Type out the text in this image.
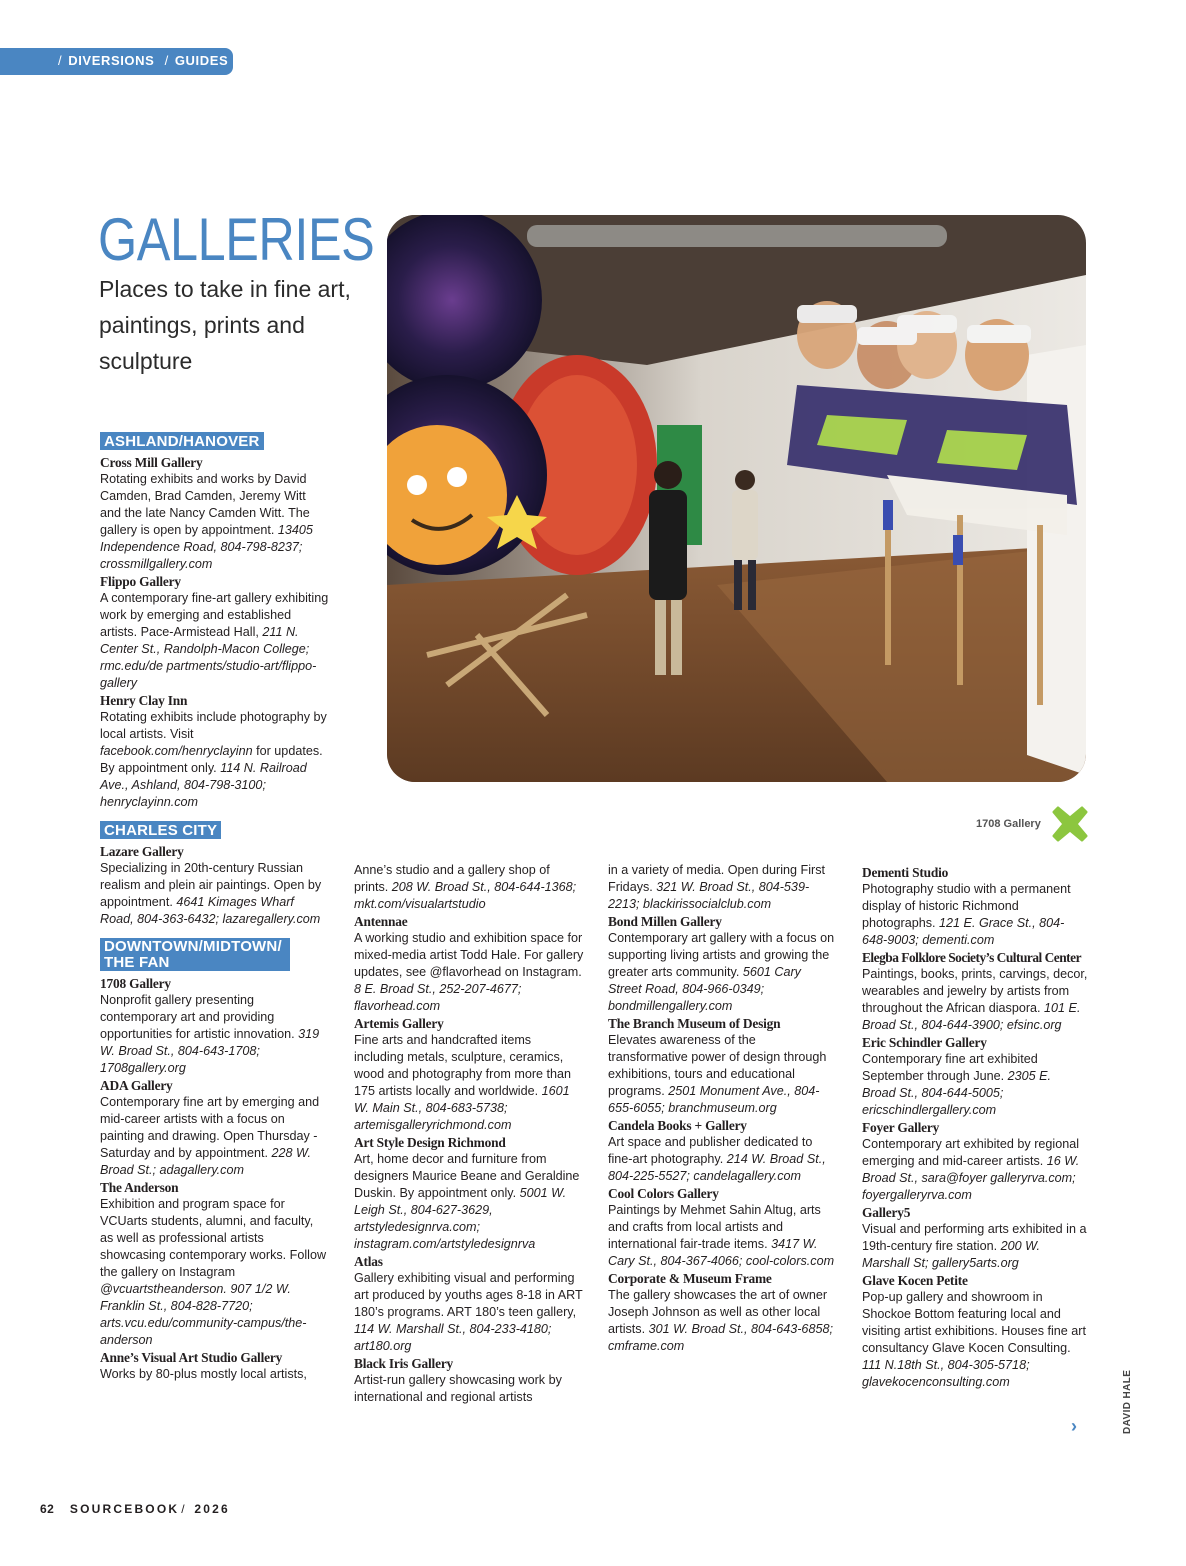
/ DIVERSIONS / GUIDES
GALLERIES
Places to take in fine art, paintings, prints and sculpture
1708 Gallery
ASHLAND/HANOVER

Cross Mill Gallery

Rotating exhibits and works by David Camden, Brad Camden, Jeremy Witt and the late Nancy Camden Witt. The gallery is open by appointment. 13405 Independence Road, 804-798-8237; crossmillgallery.com

Flippo Gallery

A contemporary fine-art gallery exhibiting work by emerging and established artists. Pace-Armistead Hall, 211 N. Center St., Randolph-Macon College; rmc.edu/de partments/studio-art/flippo-gallery

Henry Clay Inn

Rotating exhibits include photography by local artists. Visit facebook.com/henryclayinn for updates. By appointment only. 114 N. Railroad Ave., Ashland, 804-798-3100; henryclayinn.com

CHARLES CITY

Lazare Gallery

Specializing in 20th-century Russian realism and plein air paintings. Open by appointment. 4641 Kimages Wharf Road, 804-363-6432; lazaregallery.com

DOWNTOWN/MIDTOWN/ THE FAN

1708 Gallery

Nonprofit gallery presenting contemporary art and providing opportunities for artistic innovation. 319 W. Broad St., 804-643-1708; 1708gallery.org

ADA Gallery

Contemporary fine art by emerging and mid-career artists with a focus on painting and drawing. Open Thursday -Saturday and by appointment. 228 W. Broad St.; adagallery.com

The Anderson

Exhibition and program space for VCUarts students, alumni, and faculty, as well as professional artists showcasing contemporary works. Follow the gallery on Instagram @vcuartstheanderson. 907 1/2 W. Franklin St., 804-828-7720; arts.vcu.edu/community-campus/the-anderson

Anne’s Visual Art Studio Gallery

Works by 80-plus mostly local artists,

Anne’s studio and a gallery shop of prints. 208 W. Broad St., 804-644-1368; mkt.com/visualartstudio

Antennae

A working studio and exhibition space for mixed-media artist Todd Hale. For gallery updates, see @flavorhead on Instagram. 8 E. Broad St., 252-207-4677; flavorhead.com

Artemis Gallery

Fine arts and handcrafted items including metals, sculpture, ceramics, wood and photography from more than 175 artists locally and worldwide. 1601 W. Main St., 804-683-5738; artemisgalleryrichmond.com

Art Style Design Richmond

Art, home decor and furniture from designers Maurice Beane and Geraldine Duskin. By appointment only. 5001 W. Leigh St., 804-627-3629, artstyledesignrva.com; instagram.com/artstyledesignrva

Atlas

Gallery exhibiting visual and performing art produced by youths ages 8-18 in ART 180’s programs. ART 180’s teen gallery, 114 W. Marshall St., 804-233-4180; art180.org

Black Iris Gallery

Artist-run gallery showcasing work by international and regional artists

in a variety of media. Open during First Fridays. 321 W. Broad St., 804-539-2213; blackirissocialclub.com

Bond Millen Gallery

Contemporary art gallery with a focus on supporting living artists and growing the greater arts community. 5601 Cary Street Road, 804-966-0349; bondmillengallery.com

The Branch Museum of Design

Elevates awareness of the transformative power of design through exhibitions, tours and educational programs. 2501 Monument Ave., 804-655-6055; branchmuseum.org

Candela Books + Gallery

Art space and publisher dedicated to fine-art photography. 214 W. Broad St., 804-225-5527; candelagallery.com

Cool Colors Gallery

Paintings by Mehmet Sahin Altug, arts and crafts from local artists and international fair-trade items. 3417 W. Cary St., 804-367-4066; cool-colors.com

Corporate & Museum Frame

The gallery showcases the art of owner Joseph Johnson as well as other local artists. 301 W. Broad St., 804-643-6858; cmframe.com

Dementi Studio

Photography studio with a permanent display of historic Richmond photographs. 121 E. Grace St., 804-648-9003; dementi.com

Elegba Folklore Society’s Cultural Center

Paintings, books, prints, carvings, decor, wearables and jewelry by artists from throughout the African diaspora. 101 E. Broad St., 804-644-3900; efsinc.org

Eric Schindler Gallery

Contemporary fine art exhibited September through June. 2305 E. Broad St., 804-644-5005; ericschindlergallery.com

Foyer Gallery

Contemporary art exhibited by regional emerging and mid-career artists. 16 W. Broad St., sara@foyer galleryrva.com; foyergalleryrva.com

Gallery5

Visual and performing arts exhibited in a 19th-century fire station. 200 W. Marshall St; gallery5arts.org

Glave Kocen Petite

Pop-up gallery and showroom in Shockoe Bottom featuring local and visiting artist exhibitions. Houses fine art consultancy Glave Kocen Consulting. 111 N.18th St., 804-305-5718; glavekocenconsulting.com

›	DAVID HALE
62 SOURCEBOOK / 2026
